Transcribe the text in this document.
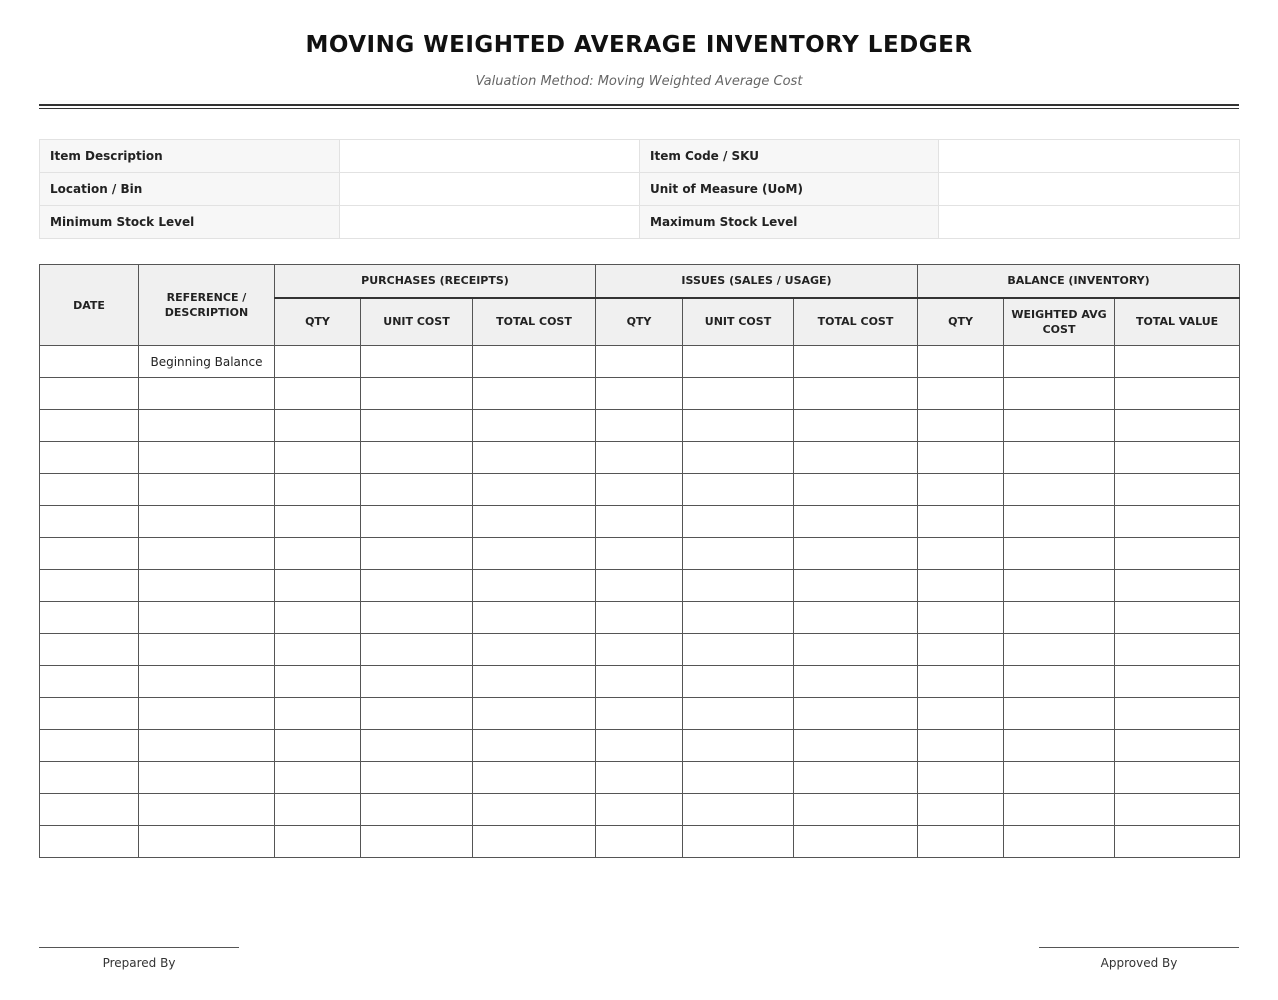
MOVING WEIGHTED AVERAGE INVENTORY LEDGER
Valuation Method: Moving Weighted Average Cost
Item Description		Item Code / SKU	
Location / Bin		Unit of Measure (UoM)	
Minimum Stock Level		Maximum Stock Level	
DATE	REFERENCE / DESCRIPTION	PURCHASES (RECEIPTS)			ISSUES (SALES / USAGE)			BALANCE (INVENTORY)		
		QTY	UNIT COST	TOTAL COST	QTY	UNIT COST	TOTAL COST	QTY	WEIGHTED AVG COST	TOTAL VALUE
	Beginning Balance									

Prepared By	Approved By
